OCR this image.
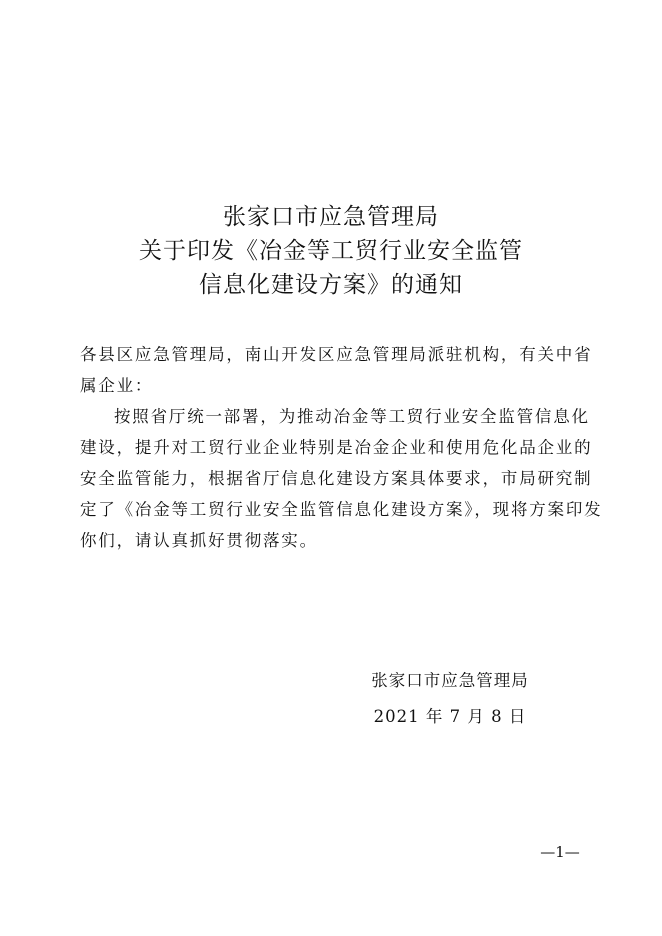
张家口市应急管理局
关于印发《冶金等工贸行业安全监管
信息化建设方案》的通知
各县区应急管理局，南山开发区应急管理局派驻机构，有关中省
属企业：
按照省厅统一部署，为推动冶金等工贸行业安全监管信息化
建设，提升对工贸行业企业特别是冶金企业和使用危化品企业的
安全监管能力，根据省厅信息化建设方案具体要求，市局研究制
定了《冶金等工贸行业安全监管信息化建设方案》，现将方案印发
你们，请认真抓好贯彻落实。
张家口市应急管理局
2021 年 7 月 8 日
—1—
